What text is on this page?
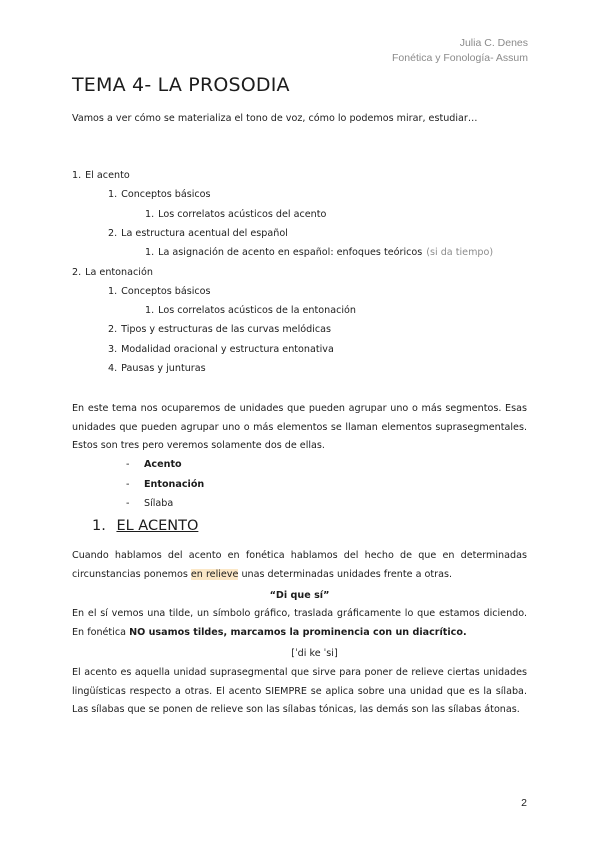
Julia C. Denes
Fonética y Fonología- Assum
TEMA 4- LA PROSODIA
Vamos a ver cómo se materializa el tono de voz, cómo lo podemos mirar, estudiar…
1. El acento
1. Conceptos básicos
1. Los correlatos acústicos del acento
2. La estructura acentual del español
1. La asignación de acento en español: enfoques teóricos (si da tiempo)
2. La entonación
1. Conceptos básicos
1. Los correlatos acústicos de la entonación
2. Tipos y estructuras de las curvas melódicas
3. Modalidad oracional y estructura entonativa
4. Pausas y junturas

En este tema nos ocuparemos de unidades que pueden agrupar uno o más segmentos. Esas unidades que pueden agrupar uno o más elementos se llaman elementos suprasegmentales. Estos son tres pero veremos solamente dos de ellas.

-	Acento
-	Entonación
-	Sílaba
1. EL ACENTO

Cuando hablamos del acento en fonética hablamos del hecho de que en determinadas circunstancias ponemos en relieve unas determinadas unidades frente a otras.

“Di que sí”

En el sí vemos una tilde, un símbolo gráfico, traslada gráficamente lo que estamos diciendo. En fonética NO usamos tildes, marcamos la prominencia con un diacrítico.

[ˈdi ke ˈsi]

El acento es aquella unidad suprasegmental que sirve para poner de relieve ciertas unidades lingüísticas respecto a otras. El acento SIEMPRE se aplica sobre una unidad que es la sílaba. Las sílabas que se ponen de relieve son las sílabas tónicas, las demás son las sílabas átonas.

2
